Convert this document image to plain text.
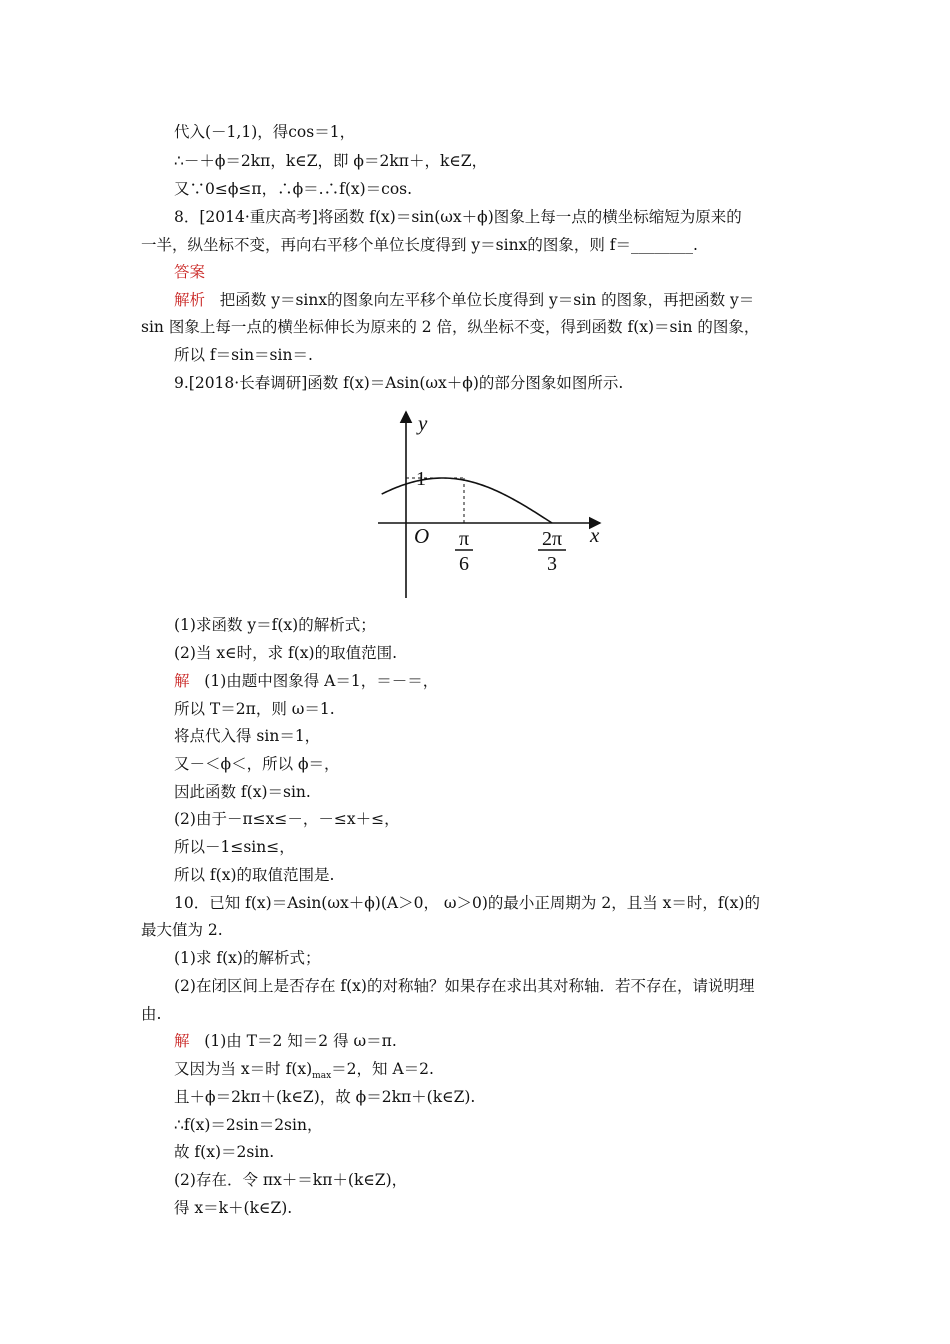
代入(－1,1)，得cos＝1，
∴－＋ϕ＝2kπ，k∈Z，即 ϕ＝2kπ＋，k∈Z，
又∵0≤ϕ≤π，∴ϕ＝.∴f(x)＝cos.
8．[2014·重庆高考]将函数 f(x)＝sin(ωx＋ϕ)图象上每一点的横坐标缩短为原来的
一半，纵坐标不变，再向右平移个单位长度得到 y＝sinx的图象，则 f＝________.
答案
解析 把函数 y＝sinx的图象向左平移个单位长度得到 y＝sin 的图象，再把函数 y＝
sin 图象上每一点的横坐标伸长为原来的 2 倍，纵坐标不变，得到函数 f(x)＝sin 的图象，
所以 f＝sin＝sin＝.
9.[2018·长春调研]函数 f(x)＝Asin(ωx＋ϕ)的部分图象如图所示.
y
x
O
1
π
6
2π
3
(1)求函数 y＝f(x)的解析式；
(2)当 x∈时，求 f(x)的取值范围.
解 (1)由题中图象得 A＝1，＝－＝，
所以 T＝2π，则 ω＝1.
将点代入得 sin＝1，
又－＜ϕ＜，所以 ϕ＝，
因此函数 f(x)＝sin.
(2)由于－π≤x≤－，－≤x＋≤，
所以－1≤sin≤，
所以 f(x)的取值范围是.
10．已知 f(x)＝Asin(ωx＋ϕ)(A＞0， ω＞0)的最小正周期为 2，且当 x＝时，f(x)的
最大值为 2.
(1)求 f(x)的解析式；
(2)在闭区间上是否存在 f(x)的对称轴？如果存在求出其对称轴．若不存在，请说明理
由.
解 (1)由 T＝2 知＝2 得 ω＝π.
又因为当 x＝时 $f(x)_{max}=2$，知 A＝2.
且＋ϕ＝2kπ＋(k∈Z)，故 ϕ＝2kπ＋(k∈Z).
∴f(x)＝2sin＝2sin，
故 f(x)＝2sin.
(2)存在．令 πx＋＝kπ＋(k∈Z)，
得 x＝k＋(k∈Z).
